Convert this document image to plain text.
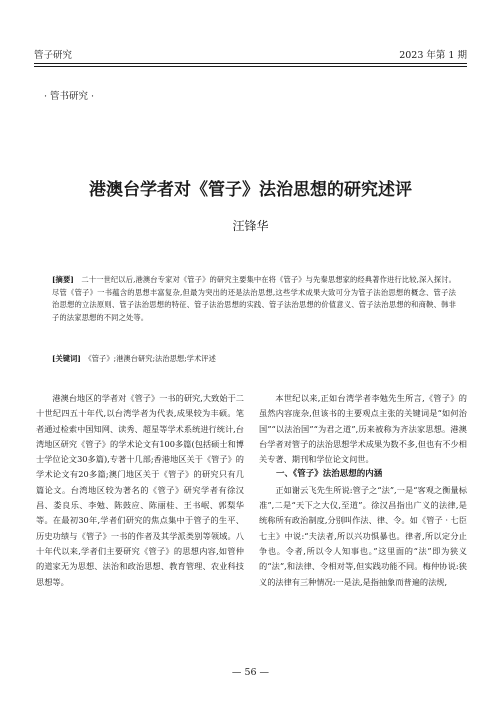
管子研究	2023 年第 1 期
· 管书研究 ·
港澳台学者对《管子》法治思想的研究述评
汪锋华

[摘要]　 二十一世纪以后,港澳台专家对《管子》的研究主要集中在将《管子》与先秦思想家的经典著作进行比较,深入探讨。尽管《管子》一书蕴含的思想丰富复杂,但最为突出的还是法治思想,这些学术成果大致可分为管子法治思想的概念、管子法治思想的立法原则、管子法治思想的特征、管子法治思想的实践、管子法治思想的价值意义、管子法治思想的和商鞅、韩非子的法家思想的不同之处等。

[关键词]　 《管子》;港澳台研究;法治思想;学术评述

港澳台地区的学者对《管子》一书的研究,大致始于二十世纪四五十年代,以台湾学者为代表,成果较为丰硕。笔者通过检索中国知网、读秀、超星等学术系统进行统计,台湾地区研究《管子》的学术论文有100多篇(包括硕士和博士学位论文30多篇),专著十几部;香港地区关于《管子》的学术论文有20多篇;澳门地区关于《管子》的研究只有几篇论文。台湾地区较为著名的《管子》研究学者有徐汉昌、娄良乐、李勉、陈鼓应、陈丽桂、王书岷、郭梨华等。在最初30年,学者们研究的焦点集中于管子的生平、历史功绩与《管子》一书的作者及其学派类别等领域。八十年代以来,学者们主要研究《管子》的思想内容,如管仲的道家无为思想、法治和政治思想、教育管理、农业科技思想等。

本世纪以来,正如台湾学者李勉先生所言,《管子》的虽然内容庞杂,但该书的主要观点主张的关键词是“如何治国”“以法治国”“为君之道”,历来被称为齐法家思想。港澳台学者对管子的法治思想学术成果为数不多,但也有不少相关专著、期刊和学位论文问世。

一、《管子》法治思想的内涵

正如谢云飞先生所说:管子之“法”,一是“客观之衡量标准”,二是“天下之大仪,至道”。徐汉昌指出广义的法律,是统称所有政治制度,分别叫作法、律、令。如《管子 · 七臣七主》中说:“夫法者,所以兴功惧暴也。律者,所以定分止争也。令者,所以令人知事也。”这里面的“法”即为狭义的“法”,和法律、令相对等,但实践功能不同。梅仲协说:狭义的法律有三种情况:一是法,是指抽象而普遍的法规,

— 56 —
